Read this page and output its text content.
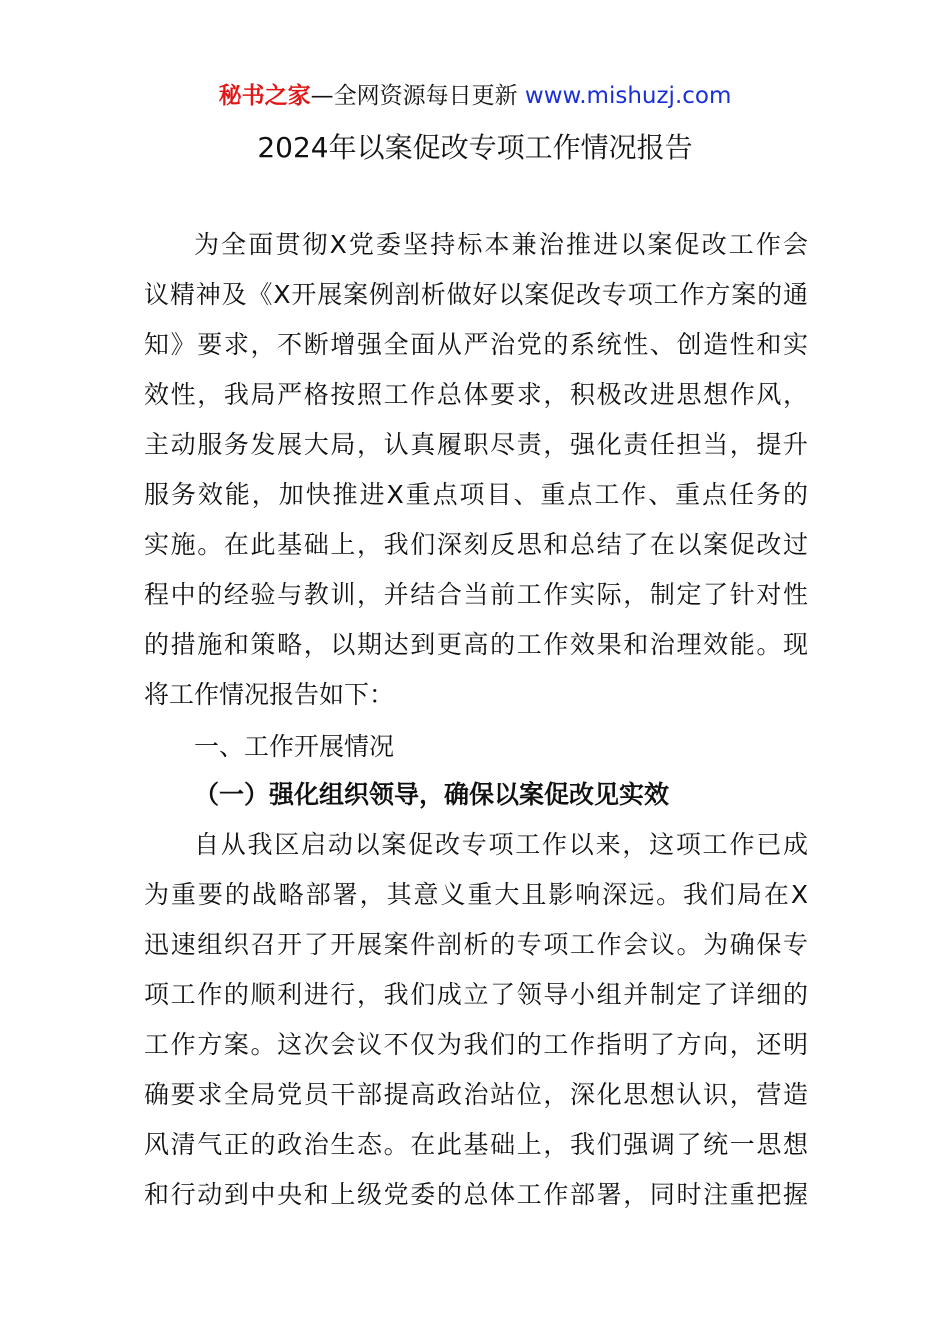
秘书之家—全网资源每日更新 www.mishuzj.com
2024年以案促改专项工作情况报告
为全面贯彻X党委坚持标本兼治推进以案促改工作会
议精神及《X开展案例剖析做好以案促改专项工作方案的通
知》要求，不断增强全面从严治党的系统性、创造性和实
效性，我局严格按照工作总体要求，积极改进思想作风，
主动服务发展大局，认真履职尽责，强化责任担当，提升
服务效能，加快推进X重点项目、重点工作、重点任务的
实施。在此基础上，我们深刻反思和总结了在以案促改过
程中的经验与教训，并结合当前工作实际，制定了针对性
的措施和策略，以期达到更高的工作效果和治理效能。现
将工作情况报告如下：
一、工作开展情况
（一）强化组织领导，确保以案促改见实效
自从我区启动以案促改专项工作以来，这项工作已成
为重要的战略部署，其意义重大且影响深远。我们局在X
迅速组织召开了开展案件剖析的专项工作会议。为确保专
项工作的顺利进行，我们成立了领导小组并制定了详细的
工作方案。这次会议不仅为我们的工作指明了方向，还明
确要求全局党员干部提高政治站位，深化思想认识，营造
风清气正的政治生态。在此基础上，我们强调了统一思想
和行动到中央和上级党委的总体工作部署，同时注重把握
